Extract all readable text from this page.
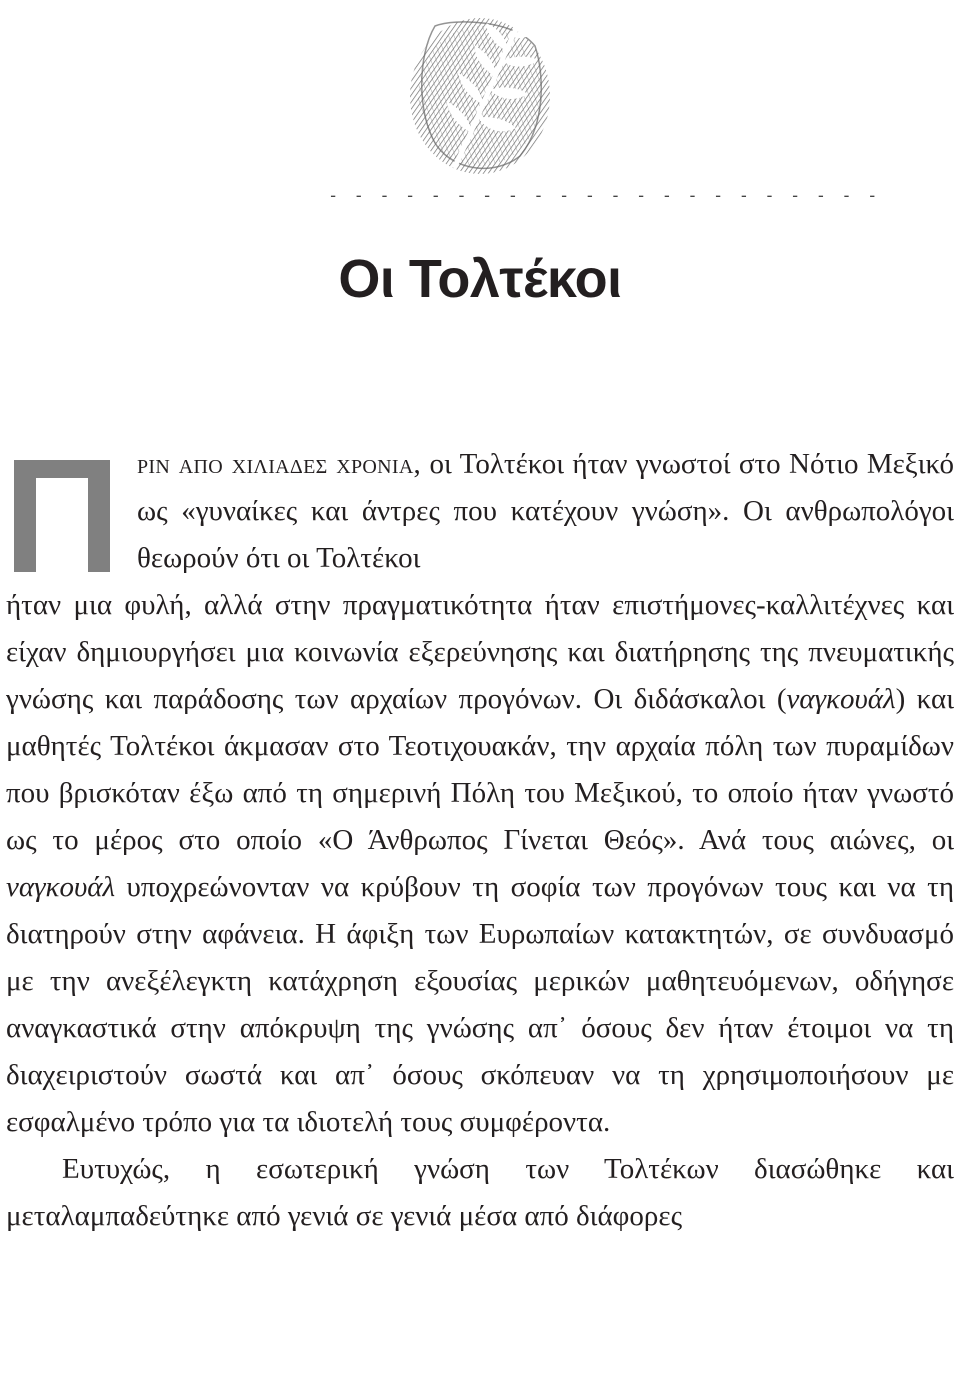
- - - - - - - - - - - - - - - - - - - - - -
Οι Τολτέκοι
Π

ριν απο χιλιαδες χρονια, οι Τολτέκοι ήταν γνωστοί στο Νότιο Μεξικό ως «γυναίκες και άντρες που κατέχουν γνώση». Οι ανθρωπολόγοι θεωρούν ότι οι Τολτέκοι
ήταν μια φυλή, αλλά στην πραγματικότητα ήταν επιστήμονες-καλλιτέχνες και είχαν δημιουργήσει μια κοινωνία εξερεύνησης και διατήρησης της πνευματικής γνώσης και παράδοσης των αρχαίων προγόνων. Οι διδάσκαλοι (ναγκουάλ) και μαθητές Τολτέκοι άκμασαν στο Τεοτιχουακάν, την αρχαία πόλη των πυραμίδων που βρισκόταν έξω από τη σημερινή Πόλη του Μεξικού, το οποίο ήταν γνωστό ως το μέρος στο οποίο «Ο Άνθρωπος Γίνεται Θεός». Ανά τους αιώνες, οι ναγκουάλ υποχρεώνονταν να κρύβουν τη σοφία των προγόνων τους και να τη διατηρούν στην αφάνεια. Η άφιξη των Ευρωπαίων κατακτητών, σε συνδυασμό με την ανεξέλεγκτη κατάχρηση εξουσίας μερικών μαθητευόμενων, οδήγησε αναγκαστικά στην απόκρυψη της γνώσης απ᾽ όσους δεν ήταν έτοιμοι να τη διαχειριστούν σωστά και απ᾽ όσους σκόπευαν να τη χρησιμοποιήσουν με εσφαλμένο τρόπο για τα ιδιοτελή τους συμφέροντα.

Ευτυχώς, η εσωτερική γνώση των Τολτέκων διασώθηκε και μεταλαμπαδεύτηκε από γενιά σε γενιά μέσα από διάφορες
